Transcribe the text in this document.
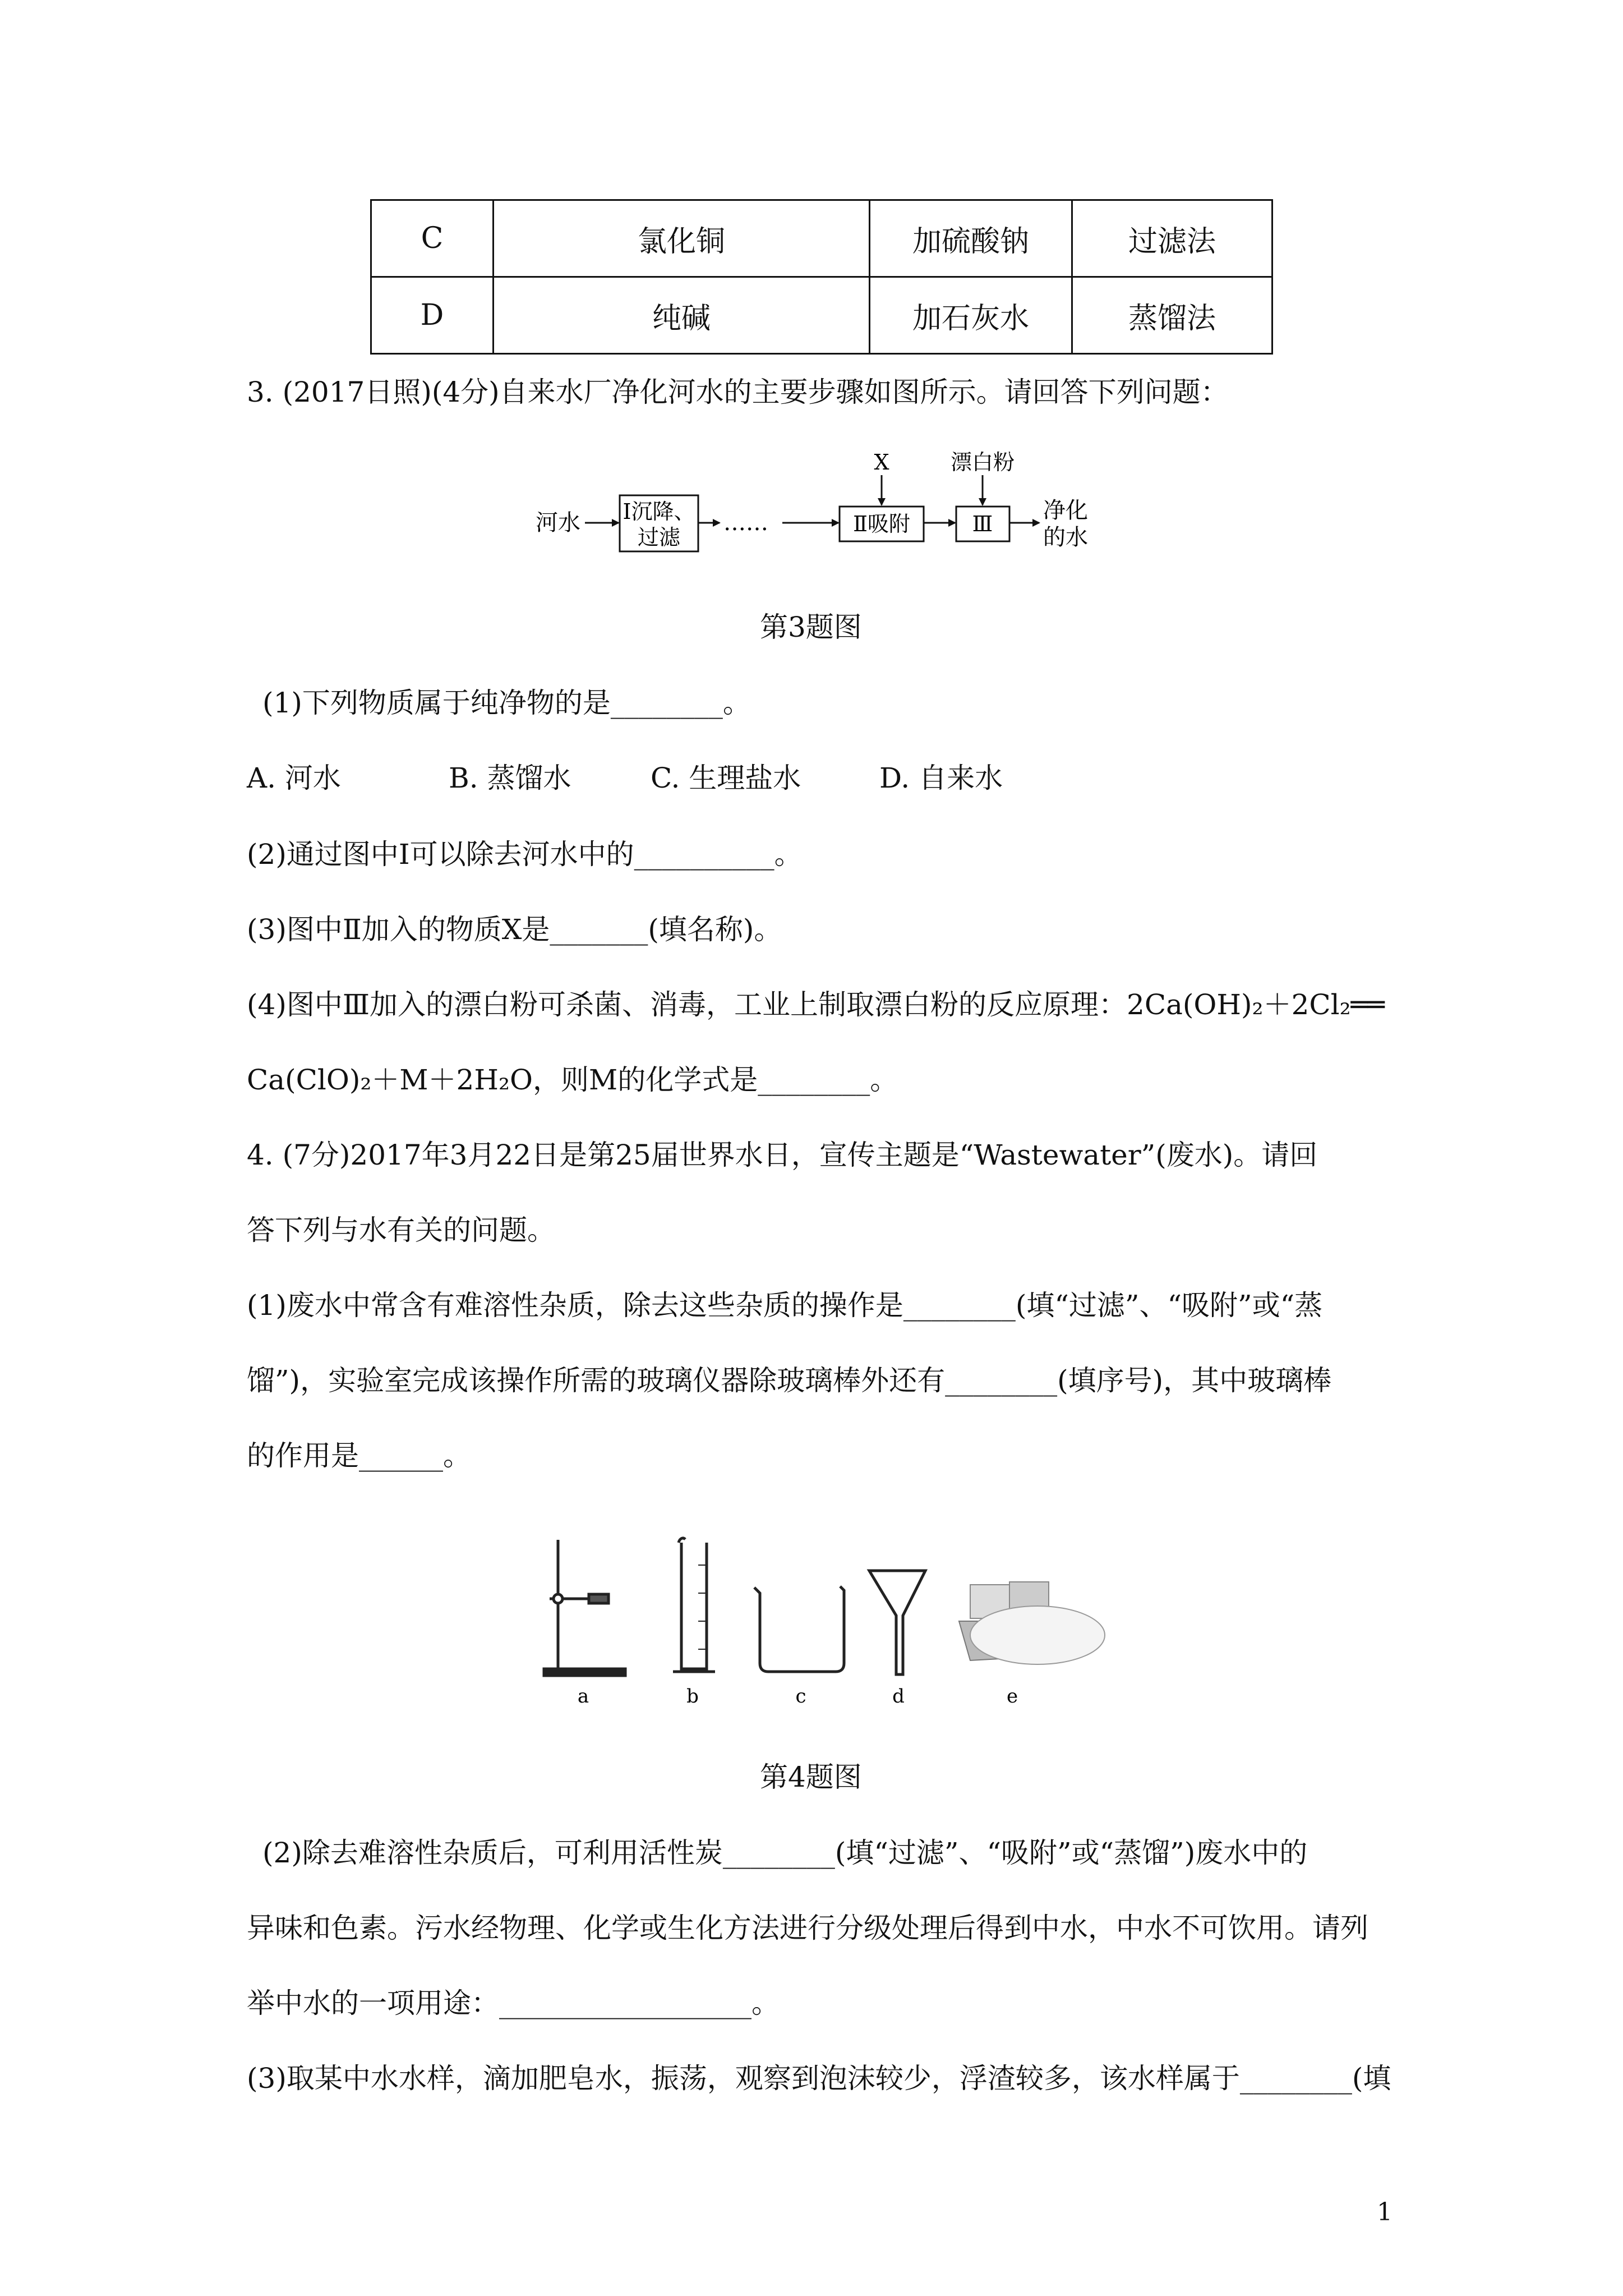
C	氯化铜	加硫酸钠	过滤法
D	纯碱	加石灰水	蒸馏法
3. (2017日照)(4分)自来水厂净化河水的主要步骤如图所示。请回答下列问题：
河水 Ⅰ沉降、
过滤
……	Ⅱ吸附
X
Ⅲ
漂白粉
净化
的水
第3题图
(1)下列物质属于纯净物的是________。
A. 河水	B. 蒸馏水	C. 生理盐水	D. 自来水
(2)通过图中Ⅰ可以除去河水中的__________。
(3)图中Ⅱ加入的物质X是_______(填名称)。
(4)图中Ⅲ加入的漂白粉可杀菌、消毒，工业上制取漂白粉的反应原理：2Ca(OH)₂＋2Cl₂══
Ca(ClO)₂＋M＋2H₂O，则M的化学式是________。
4. (7分)2017年3月22日是第25届世界水日，宣传主题是“Wastewater”(废水)。请回
答下列与水有关的问题。
(1)废水中常含有难溶性杂质，除去这些杂质的操作是________(填“过滤”、“吸附”或“蒸
馏”)，实验室完成该操作所需的玻璃仪器除玻璃棒外还有________(填序号)，其中玻璃棒
的作用是______。
a	b	c	d	e
第4题图
(2)除去难溶性杂质后，可利用活性炭________(填“过滤”、“吸附”或“蒸馏”)废水中的
异味和色素。污水经物理、化学或生化方法进行分级处理后得到中水，中水不可饮用。请列
举中水的一项用途：__________________。
(3)取某中水水样，滴加肥皂水，振荡，观察到泡沫较少，浮渣较多，该水样属于________(填
1
